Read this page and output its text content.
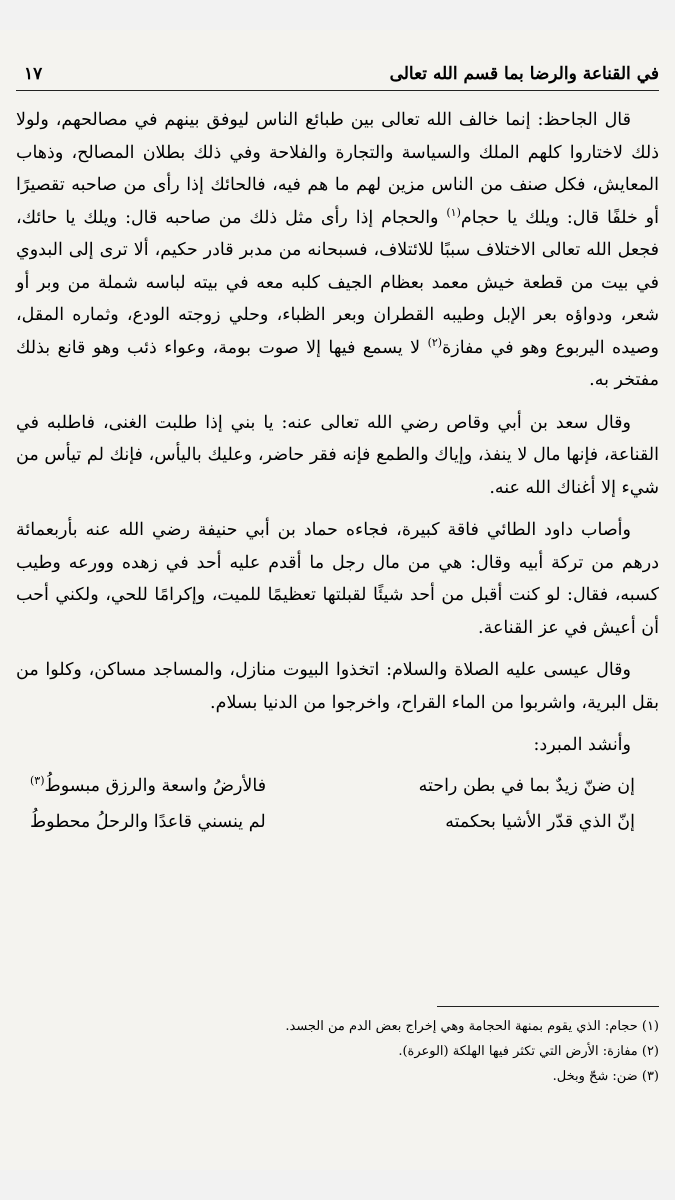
في القناعة والرضا بما قسم الله تعالى
١٧

قال الجاحظ: إنما خالف الله تعالى بين طبائع الناس ليوفق بينهم في مصالحهم، ولولا ذلك لاختاروا كلهم الملك والسياسة والتجارة والفلاحة وفي ذلك بطلان المصالح، وذهاب المعايش، فكل صنف من الناس مزين لهم ما هم فيه، فالحائك إذا رأى من صاحبه تقصيرًا أو خلفًا قال: ويلك يا حجام$^{(١)}$ والحجام إذا رأى مثل ذلك من صاحبه قال: ويلك يا حائك، فجعل الله تعالى الاختلاف سببًا للائتلاف، فسبحانه من مدبر قادر حكيم، ألا ترى إلى البدوي في بيت من قطعة خيش معمد بعظام الجيف كلبه معه في بيته لباسه شملة من وبر أو شعر، ودواؤه بعر الإبل وطيبه القطران وبعر الظباء، وحلي زوجته الودع، وثماره المقل، وصيده اليربوع وهو في مفازة$^{(٢)}$ لا يسمع فيها إلا صوت بومة، وعواء ذئب وهو قانع بذلك مفتخر به.

وقال سعد بن أبي وقاص رضي الله تعالى عنه: يا بني إذا طلبت الغنى، فاطلبه في القناعة، فإنها مال لا ينفذ، وإياك والطمع فإنه فقر حاضر، وعليك باليأس، فإنك لم تيأس من شيء إلا أغناك الله عنه.

وأصاب داود الطائي فاقة كبيرة، فجاءه حماد بن أبي حنيفة رضي الله عنه بأربعمائة درهم من تركة أبيه وقال: هي من مال رجل ما أقدم عليه أحد في زهده وورعه وطيب كسبه، فقال: لو كنت أقبل من أحد شيئًا لقبلتها تعظيمًا للميت، وإكرامًا للحي، ولكني أحب أن أعيش في عز القناعة.

وقال عيسى عليه الصلاة والسلام: اتخذوا البيوت منازل، والمساجد مساكن، وكلوا من بقل البرية، واشربوا من الماء القراح، واخرجوا من الدنيا بسلام.

وأنشد المبرد:

إن ضنّ زيدٌ بما في بطن راحته
فالأرضُ واسعة والرزق مبسوطُ$^{(٣)}$
إنّ الذي قدّر الأشيا بحكمته
لم ينسني قاعدًا والرحلُ محطوطُ
(١) حجام: الذي يقوم بمنهة الحجامة وهي إخراج بعض الدم من الجسد.
(٢) مفازة: الأرض التي تكثر فيها الهلكة (الوعرة).
(٣) ضن: شحّ وبخل.
